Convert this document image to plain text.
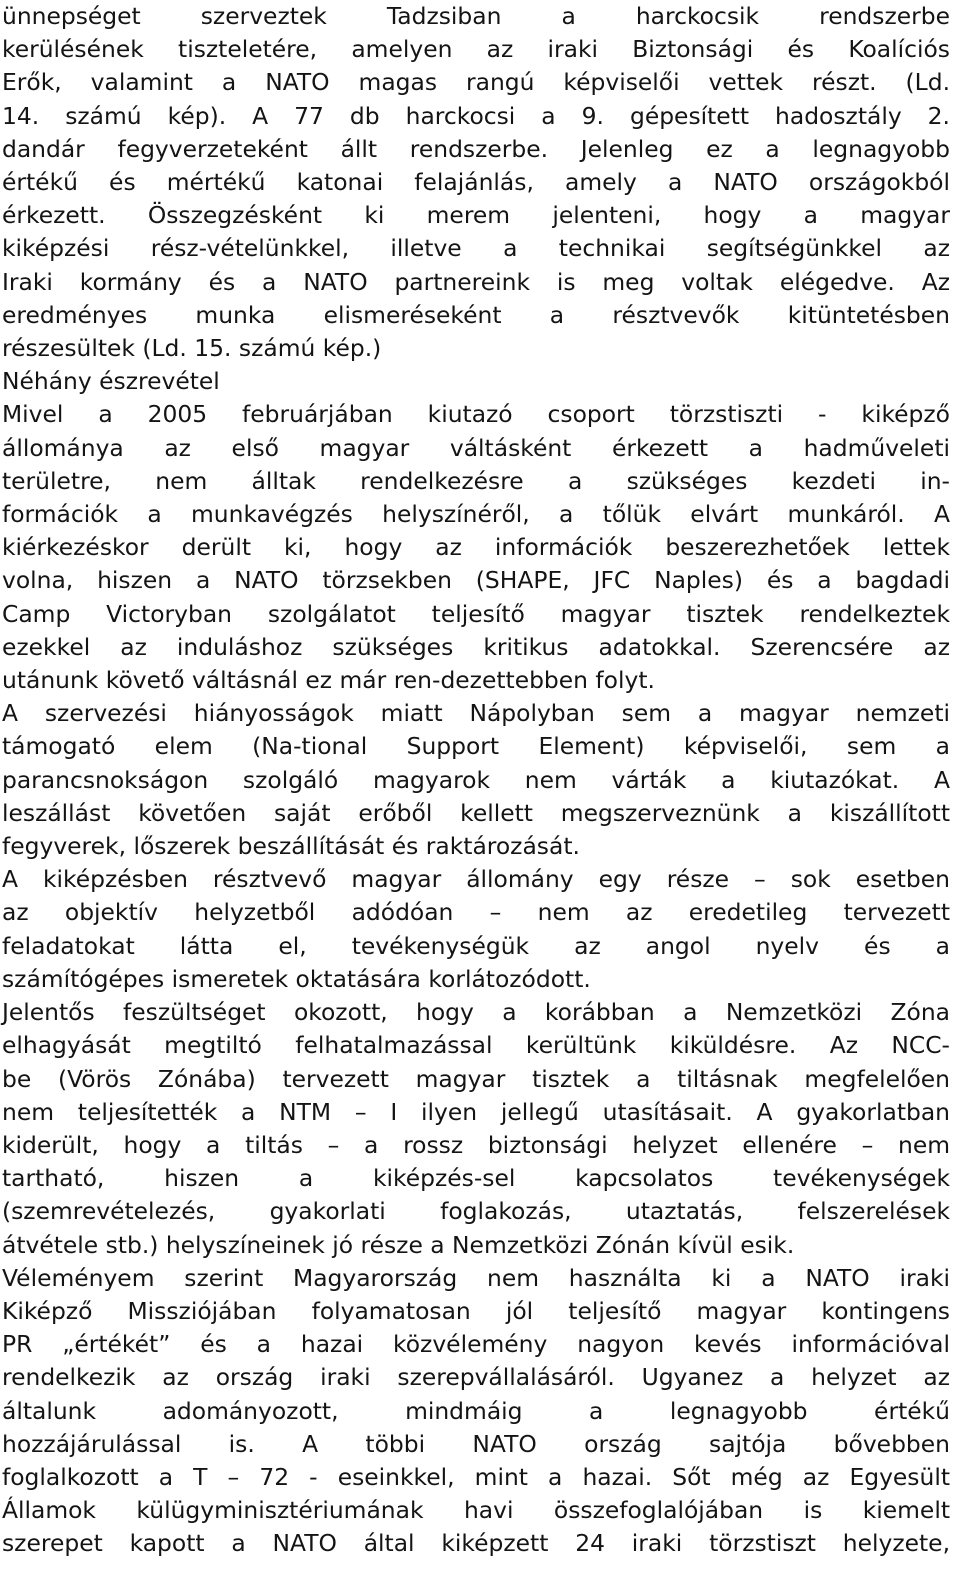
ünnepséget szerveztek Tadzsiban a harckocsik rendszerbe
kerülésének tiszteletére, amelyen az iraki Biztonsági és Koalíciós
Erők, valamint a NATO magas rangú képviselői vettek részt. (Ld.
14. számú kép). A 77 db harckocsi a 9. gépesített hadosztály 2.
dandár fegyverzeteként állt rendszerbe. Jelenleg ez a legnagyobb
értékű és mértékű katonai felajánlás, amely a NATO országokból
érkezett. Összegzésként ki merem jelenteni, hogy a magyar
kiképzési rész-vételünkkel, illetve a technikai segítségünkkel az
Iraki kormány és a NATO partnereink is meg voltak elégedve. Az
eredményes munka elismeréseként a résztvevők kitüntetésben
részesültek (Ld. 15. számú kép.)
Néhány észrevétel
Mivel a 2005 februárjában kiutazó csoport törzstiszti - kiképző
állománya az első magyar váltásként érkezett a hadműveleti
területre, nem álltak rendelkezésre a szükséges kezdeti in-
formációk a munkavégzés helyszínéről, a tőlük elvárt munkáról. A
kiérkezéskor derült ki, hogy az információk beszerezhetőek lettek
volna, hiszen a NATO törzsekben (SHAPE, JFC Naples) és a bagdadi
Camp Victoryban szolgálatot teljesítő magyar tisztek rendelkeztek
ezekkel az induláshoz szükséges kritikus adatokkal. Szerencsére az
utánunk követő váltásnál ez már ren-dezettebben folyt.
A szervezési hiányosságok miatt Nápolyban sem a magyar nemzeti
támogató elem (Na-tional Support Element) képviselői, sem a
parancsnokságon szolgáló magyarok nem várták a kiutazókat. A
leszállást követően saját erőből kellett megszerveznünk a kiszállított
fegyverek, lőszerek beszállítását és raktározását.
A kiképzésben résztvevő magyar állomány egy része – sok esetben
az objektív helyzetből adódóan – nem az eredetileg tervezett
feladatokat látta el, tevékenységük az angol nyelv és a
számítógépes ismeretek oktatására korlátozódott.
Jelentős feszültséget okozott, hogy a korábban a Nemzetközi Zóna
elhagyását megtiltó felhatalmazással kerültünk kiküldésre. Az NCC-
be (Vörös Zónába) tervezett magyar tisztek a tiltásnak megfelelően
nem teljesítették a NTM – I ilyen jellegű utasításait. A gyakorlatban
kiderült, hogy a tiltás – a rossz biztonsági helyzet ellenére – nem
tartható, hiszen a kiképzés-sel kapcsolatos tevékenységek
(szemrevételezés, gyakorlati foglakozás, utaztatás, felszerelések
átvétele stb.) helyszíneinek jó része a Nemzetközi Zónán kívül esik.
Véleményem szerint Magyarország nem használta ki a NATO iraki
Kiképző Missziójában folyamatosan jól teljesítő magyar kontingens
PR „értékét” és a hazai közvélemény nagyon kevés információval
rendelkezik az ország iraki szerepvállalásáról. Ugyanez a helyzet az
általunk adományozott, mindmáig a legnagyobb értékű
hozzájárulással is. A többi NATO ország sajtója bővebben
foglalkozott a T – 72 - eseinkkel, mint a hazai. Sőt még az Egyesült
Államok külügyminisztériumának havi összefoglalójában is kiemelt
szerepet kapott a NATO által kiképzett 24 iraki törzstiszt helyzete,
